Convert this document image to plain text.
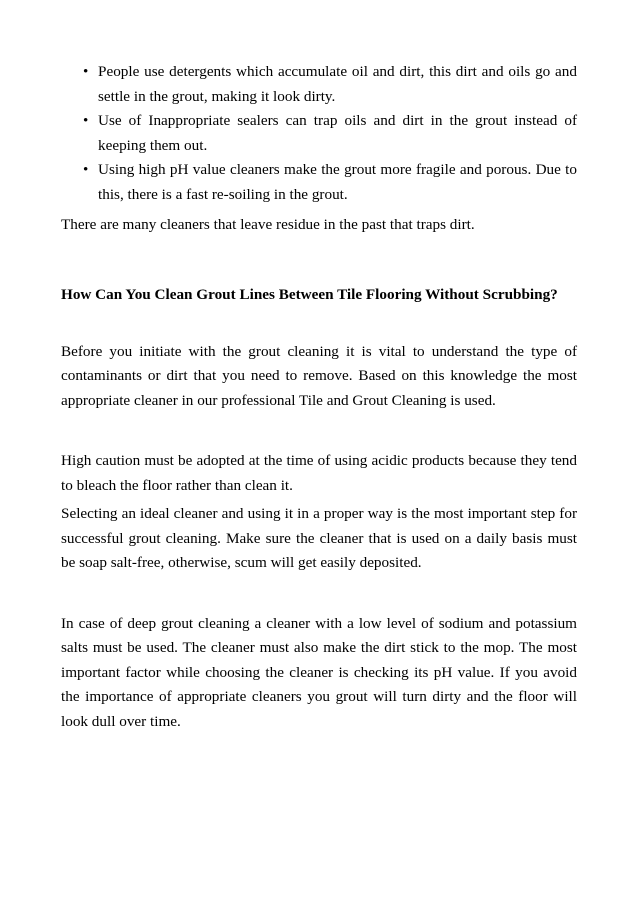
• People use detergents which accumulate oil and dirt, this dirt and oils go and settle in the grout, making it look dirty.
• Use of Inappropriate sealers can trap oils and dirt in the grout instead of keeping them out.
• Using high pH value cleaners make the grout more fragile and porous. Due to this, there is a fast re-soiling in the grout.

There are many cleaners that leave residue in the past that traps dirt.

How Can You Clean Grout Lines Between Tile Flooring Without Scrubbing?

Before you initiate with the grout cleaning it is vital to understand the type of contaminants or dirt that you need to remove. Based on this knowledge the most appropriate cleaner in our professional Tile and Grout Cleaning is used.

High caution must be adopted at the time of using acidic products because they tend to bleach the floor rather than clean it.

Selecting an ideal cleaner and using it in a proper way is the most important step for successful grout cleaning. Make sure the cleaner that is used on a daily basis must be soap salt-free, otherwise, scum will get easily deposited.

In case of deep grout cleaning a cleaner with a low level of sodium and potassium salts must be used. The cleaner must also make the dirt stick to the mop. The most important factor while choosing the cleaner is checking its pH value. If you avoid the importance of appropriate cleaners you grout will turn dirty and the floor will look dull over time.
